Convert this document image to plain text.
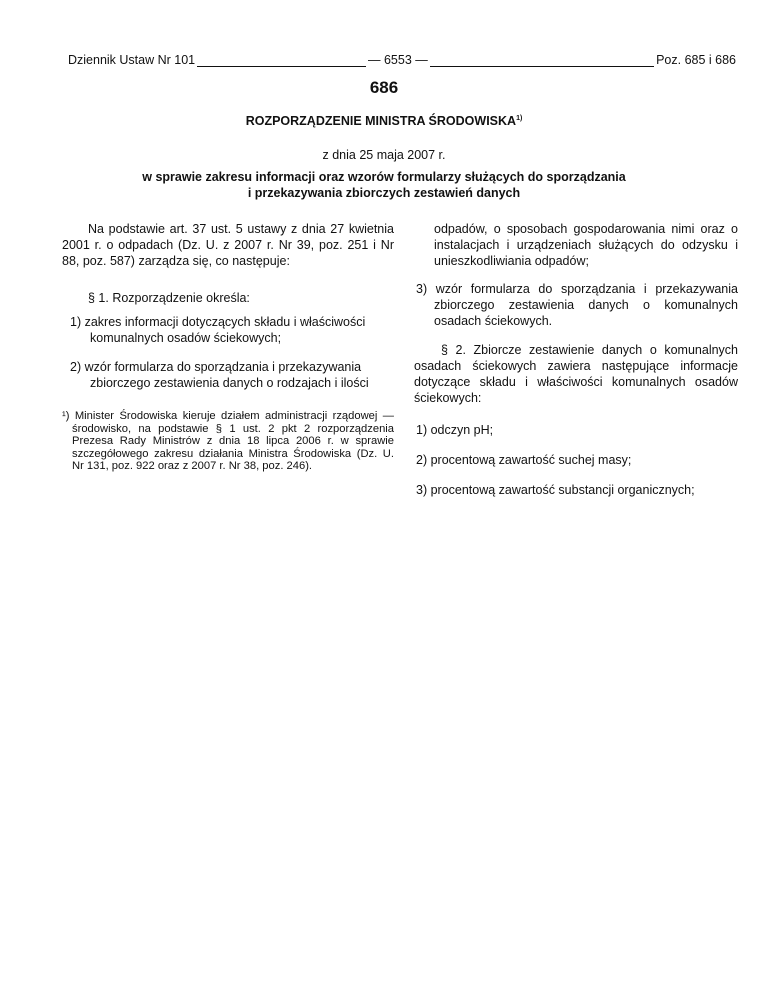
Dziennik Ustaw Nr 101	— 6553 —	Poz. 685 i 686
686
ROZPORZĄDZENIE MINISTRA ŚRODOWISKA$^{1)}$
z dnia 25 maja 2007 r.
w sprawie zakresu informacji oraz wzorów formularzy służących do sporządzania
i przekazywania zbiorczych zestawień danych

Na podstawie art. 37 ust. 5 ustawy z dnia 27 kwietnia 2001 r. o odpadach (Dz. U. z 2007 r. Nr 39, poz. 251 i Nr 88, poz. 587) zarządza się, co następuje:

§ 1. Rozporządzenie określa:

1) zakres informacji dotyczących składu i właściwości komunalnych osadów ściekowych;

2) wzór formularza do sporządzania i przekazywania zbiorczego zestawienia danych o rodzajach i ilości

¹) Minister Środowiska kieruje działem administracji rządowej — środowisko, na podstawie § 1 ust. 2 pkt 2 rozporządzenia Prezesa Rady Ministrów z dnia 18 lipca 2006 r. w sprawie szczegółowego zakresu działania Ministra Środowiska (Dz. U. Nr 131, poz. 922 oraz z 2007 r. Nr 38, poz. 246).

odpadów, o sposobach gospodarowania nimi oraz o instalacjach i urządzeniach służących do odzysku i unieszkodliwiania odpadów;

3) wzór formularza do sporządzania i przekazywania zbiorczego zestawienia danych o komunalnych osadach ściekowych.

§ 2. Zbiorcze zestawienie danych o komunalnych osadach ściekowych zawiera następujące informacje dotyczące składu i właściwości komunalnych osadów ściekowych:

1) odczyn pH;

2) procentową zawartość suchej masy;

3) procentową zawartość substancji organicznych;
